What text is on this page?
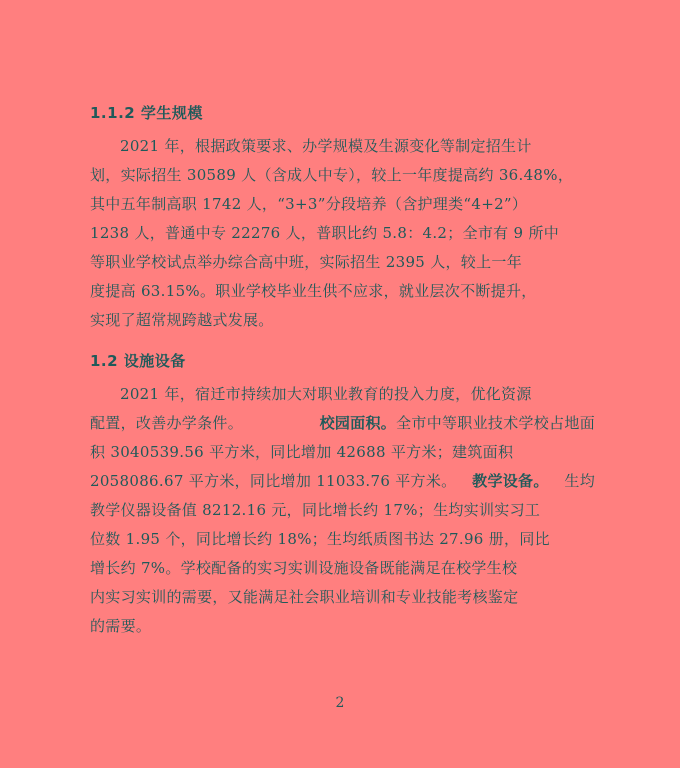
1.1.2 学生规模
2021 年，根据政策要求、办学规模及生源变化等制定招生计
划，实际招生 30589 人（含成人中专），较上一年度提高约 36.48%，
其中五年制高职 1742 人，“3+3”分段培养（含护理类“4+2”）
1238 人，普通中专 22276 人，普职比约 5.8：4.2；全市有 9 所中
等职业学校试点举办综合高中班，实际招生 2395 人，较上一年
度提高 63.15%。职业学校毕业生供不应求，就业层次不断提升，
实现了超常规跨越式发展。
1.2 设施设备
2021 年，宿迁市持续加大对职业教育的投入力度，优化资源
配置，改善办学条件。	校园面积。 全市中等职业技术学校占地面
积 3040539.56 平方米，同比增加 42688 平方米；建筑面积
2058086.67 平方米，同比增加 11033.76 平方米。 教学设备。 生均
教学仪器设备值 8212.16 元，同比增长约 17%；生均实训实习工
位数 1.95 个，同比增长约 18%；生均纸质图书达 27.96 册，同比
增长约 7%。学校配备的实习实训设施设备既能满足在校学生校
内实习实训的需要，又能满足社会职业培训和专业技能考核鉴定
的需要。
2
